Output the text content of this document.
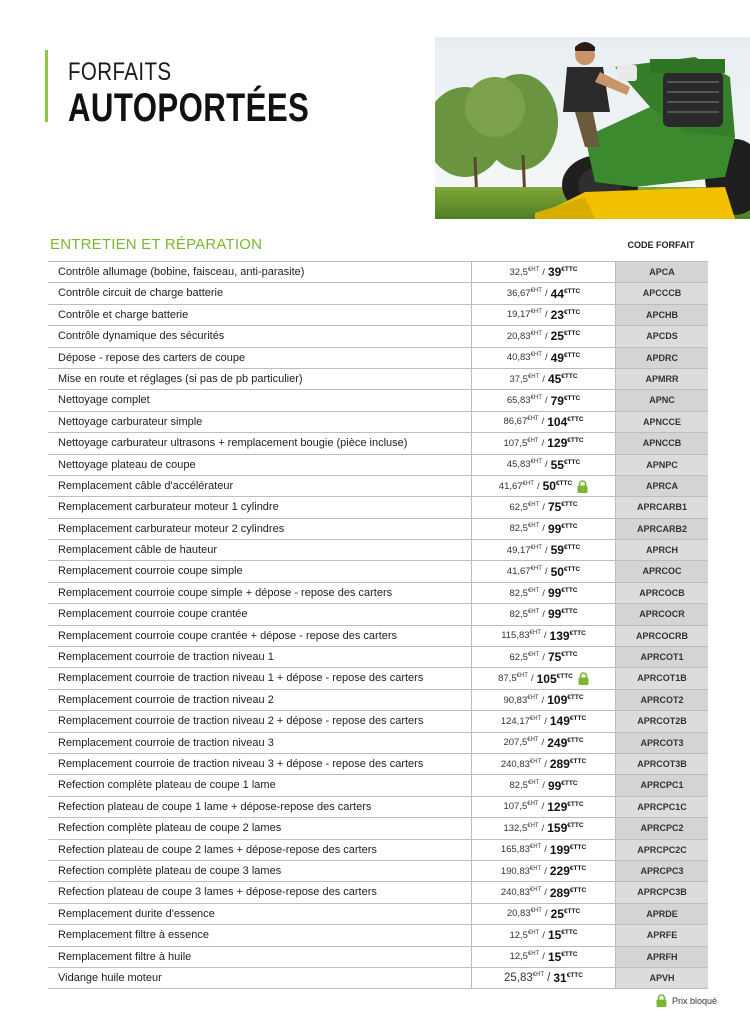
FORFAITS
AUTOPORTÉES
ENTRETIEN ET RÉPARATION	CODE FORFAIT
Contrôle allumage (bobine, faisceau, anti-parasite)	$32,5^{€HT} / 39^{€TTC}$	APCA
Contrôle circuit de charge batterie	$36,67^{€HT} / 44^{€TTC}$	APCCCB
Contrôle et charge batterie	$19,17^{€HT} / 23^{€TTC}$	APCHB
Contrôle dynamique des sécurités	$20,83^{€HT} / 25^{€TTC}$	APCDS
Dépose - repose des carters de coupe	$40,83^{€HT} / 49^{€TTC}$	APDRC
Mise en route et réglages (si pas de pb particulier)	$37,5^{€HT} / 45^{€TTC}$	APMRR
Nettoyage complet	$65,83^{€HT} / 79^{€TTC}$	APNC
Nettoyage carburateur simple	$86,67^{€HT} / 104^{€TTC}$	APNCCE
Nettoyage carburateur ultrasons + remplacement bougie (pièce incluse)	$107,5^{€HT} / 129^{€TTC}$	APNCCB
Nettoyage plateau de coupe	$45,83^{€HT} / 55^{€TTC}$	APNPC
Remplacement câble d'accélérateur	$41,67^{€HT} / 50^{€TTC}$	APRCA
Remplacement carburateur moteur 1 cylindre	$62,5^{€HT} / 75^{€TTC}$	APRCARB1
Remplacement carburateur moteur 2 cylindres	$82,5^{€HT} / 99^{€TTC}$	APRCARB2
Remplacement câble de hauteur	$49,17^{€HT} / 59^{€TTC}$	APRCH
Remplacement courroie coupe simple	$41,67^{€HT} / 50^{€TTC}$	APRCOC
Remplacement courroie coupe simple + dépose - repose des carters	$82,5^{€HT} / 99^{€TTC}$	APRCOCB
Remplacement courroie coupe crantée	$82,5^{€HT} / 99^{€TTC}$	APRCOCR
Remplacement courroie coupe crantée + dépose - repose des carters	$115,83^{€HT} / 139^{€TTC}$	APRCOCRB
Remplacement courroie de traction niveau 1	$62,5^{€HT} / 75^{€TTC}$	APRCOT1
Remplacement courroie de traction niveau 1 + dépose - repose des carters	$87,5^{€HT} / 105^{€TTC}$	APRCOT1B
Remplacement courroie de traction niveau 2	$90,83^{€HT} / 109^{€TTC}$	APRCOT2
Remplacement courroie de traction niveau 2 + dépose - repose des carters	$124,17^{€HT} / 149^{€TTC}$	APRCOT2B
Remplacement courroie de traction niveau 3	$207,5^{€HT} / 249^{€TTC}$	APRCOT3
Remplacement courroie de traction niveau 3 + dépose - repose des carters	$240,83^{€HT} / 289^{€TTC}$	APRCOT3B
Refection complète plateau de coupe 1 lame	$82,5^{€HT} / 99^{€TTC}$	APRCPC1
Refection plateau de coupe 1 lame + dépose-repose des carters	$107,5^{€HT} / 129^{€TTC}$	APRCPC1C
Refection complète plateau de coupe 2 lames	$132,5^{€HT} / 159^{€TTC}$	APRCPC2
Refection plateau de coupe 2 lames + dépose-repose des carters	$165,83^{€HT} / 199^{€TTC}$	APRCPC2C
Refection complète plateau de coupe 3 lames	$190,83^{€HT} / 229^{€TTC}$	APRCPC3
Refection plateau de coupe 3 lames + dépose-repose des carters	$240,83^{€HT} / 289^{€TTC}$	APRCPC3B
Remplacement durite d'essence	$20,83^{€HT} / 25^{€TTC}$	APRDE
Remplacement filtre à essence	$12,5^{€HT} / 15^{€TTC}$	APRFE
Remplacement filtre à huile	$12,5^{€HT} / 15^{€TTC}$	APRFH
Vidange huile moteur	$25,83^{€HT} / 31^{€TTC}$	APVH
Prix bloqué
